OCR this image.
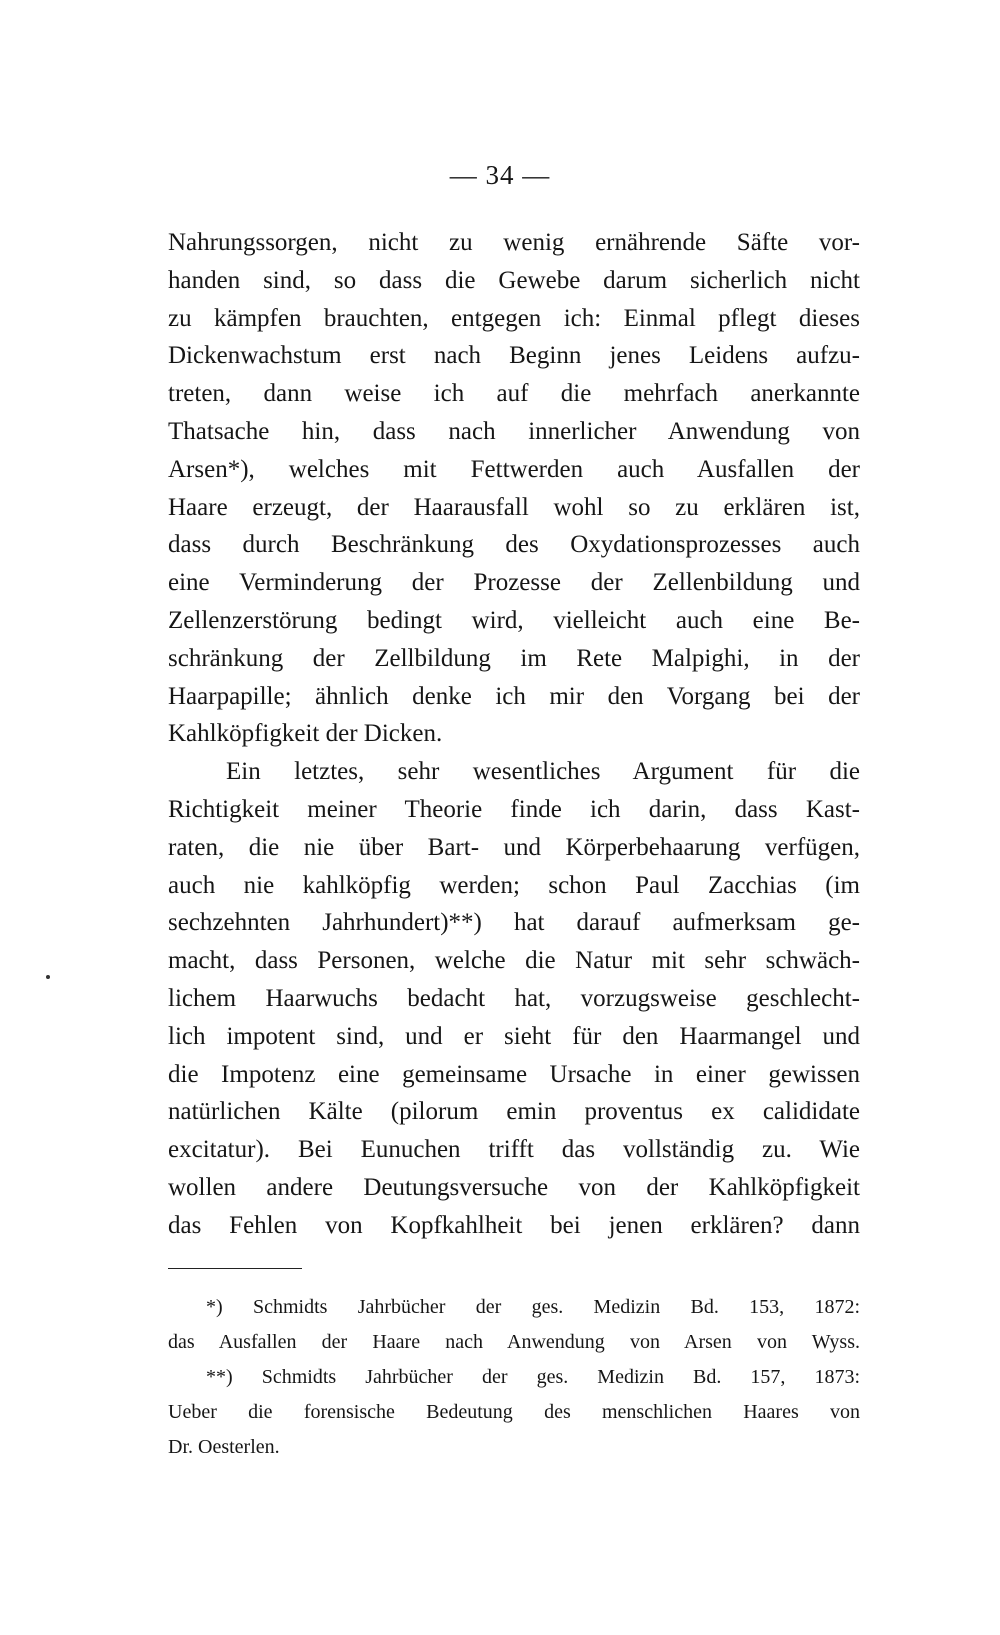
— 34 —
Nahrungssorgen, nicht zu wenig ernährende Säfte vor-
handen sind, so dass die Gewebe darum sicherlich nicht
zu kämpfen brauchten, entgegen ich: Einmal pflegt dieses
Dickenwachstum erst nach Beginn jenes Leidens aufzu-
treten, dann weise ich auf die mehrfach anerkannte
Thatsache hin, dass nach innerlicher Anwendung von
Arsen*), welches mit Fettwerden auch Ausfallen der
Haare erzeugt, der Haarausfall wohl so zu erklären ist,
dass durch Beschränkung des Oxydationsprozesses auch
eine Verminderung der Prozesse der Zellenbildung und
Zellenzerstörung bedingt wird, vielleicht auch eine Be-
schränkung der Zellbildung im Rete Malpighi, in der
Haarpapille; ähnlich denke ich mir den Vorgang bei der
Kahlköpfigkeit der Dicken.
Ein letztes, sehr wesentliches Argument für die
Richtigkeit meiner Theorie finde ich darin, dass Kast-
raten, die nie über Bart- und Körperbehaarung verfügen,
auch nie kahlköpfig werden; schon Paul Zacchias (im
sechzehnten Jahrhundert)**) hat darauf aufmerksam ge-
macht, dass Personen, welche die Natur mit sehr schwäch-
lichem Haarwuchs bedacht hat, vorzugsweise geschlecht-
lich impotent sind, und er sieht für den Haarmangel und
die Impotenz eine gemeinsame Ursache in einer gewissen
natürlichen Kälte (pilorum emin proventus ex calididate
excitatur). Bei Eunuchen trifft das vollständig zu. Wie
wollen andere Deutungsversuche von der Kahlköpfigkeit
das Fehlen von Kopfkahlheit bei jenen erklären? dann
*) Schmidts Jahrbücher der ges. Medizin Bd. 153, 1872:
das Ausfallen der Haare nach Anwendung von Arsen von Wyss.
**) Schmidts Jahrbücher der ges. Medizin Bd. 157, 1873:
Ueber die forensische Bedeutung des menschlichen Haares von
Dr. Oesterlen.
